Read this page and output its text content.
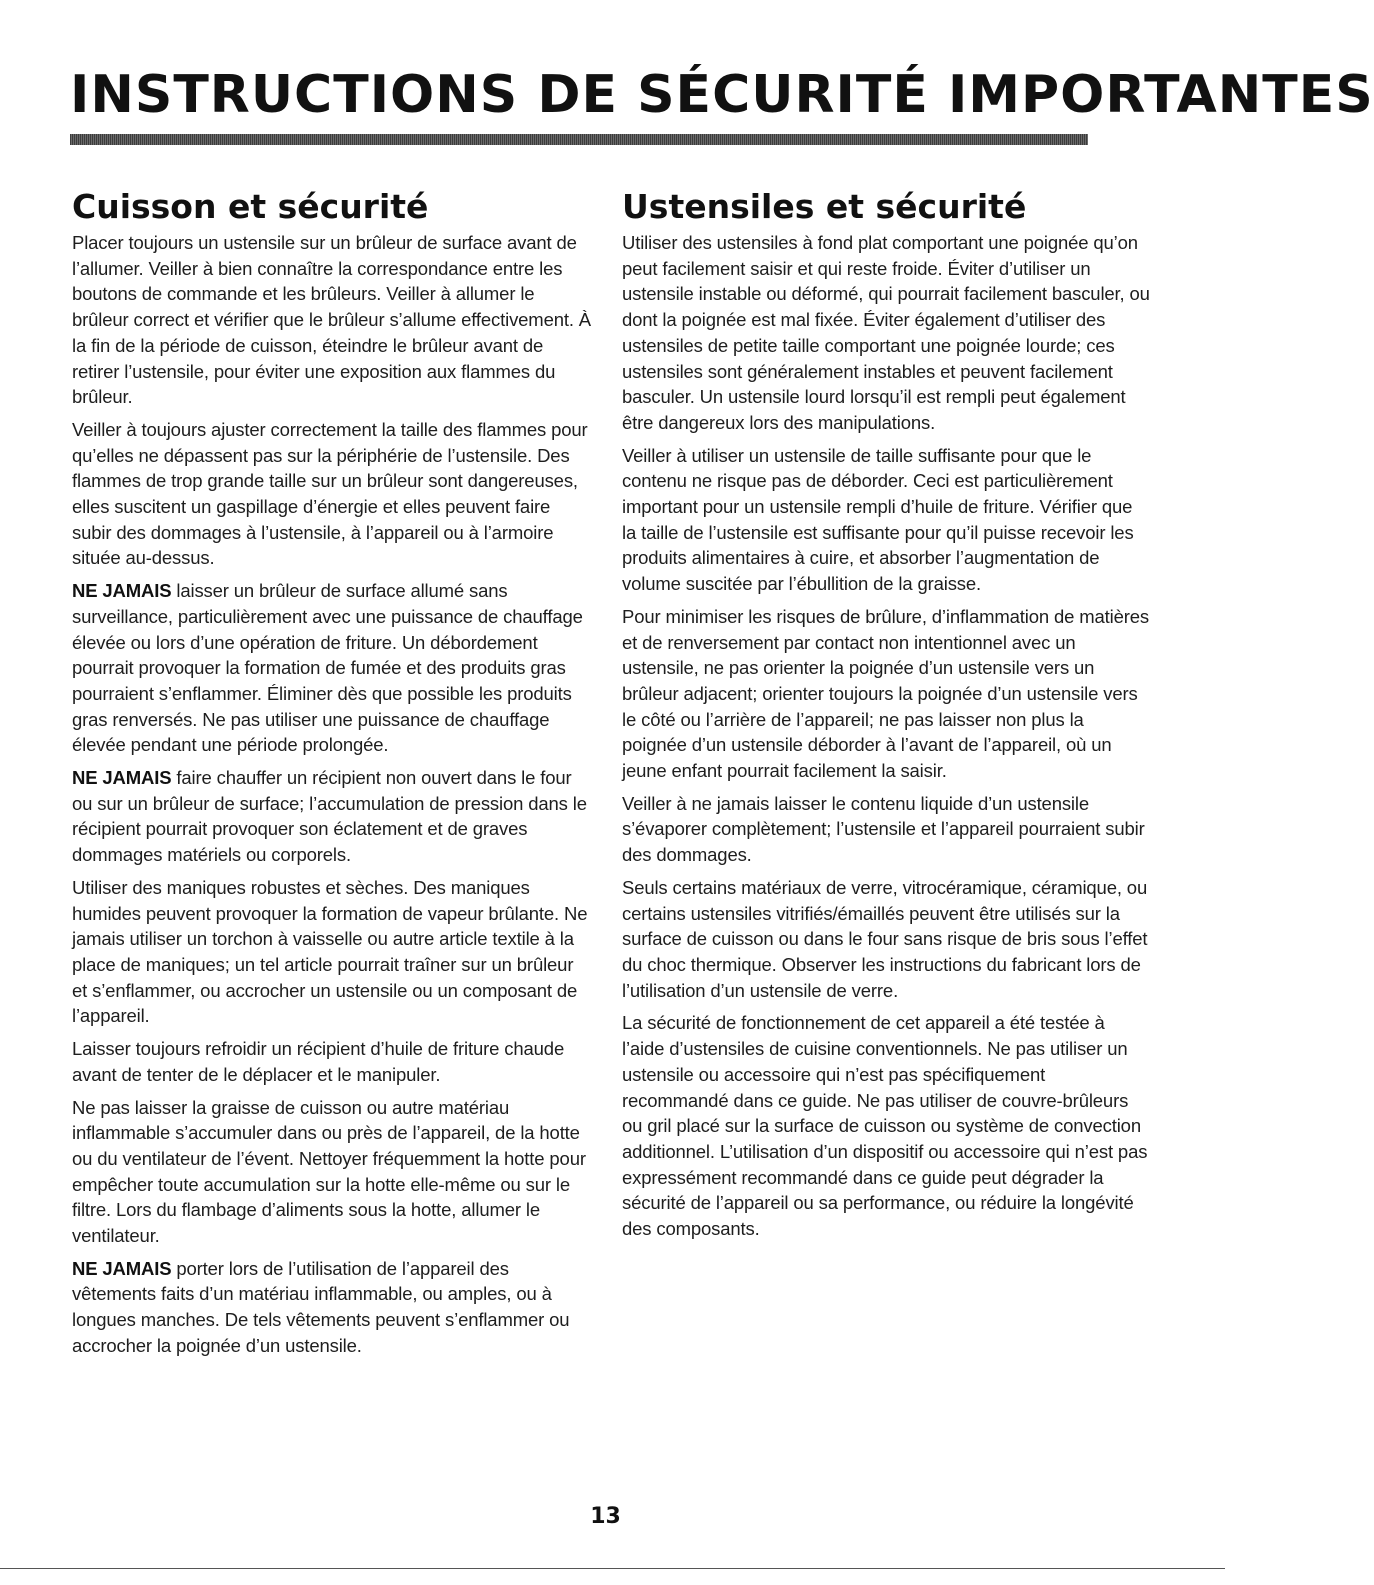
INSTRUCTIONS DE SÉCURITÉ IMPORTANTES
Cuisson et sécurité

Placer toujours un ustensile sur un brûleur de surface avant de l’allumer. Veiller à bien connaître la correspondance entre les boutons de commande et les brûleurs. Veiller à allumer le brûleur correct et vérifier que le brûleur s’allume effectivement. À la fin de la période de cuisson, éteindre le brûleur avant de retirer l’ustensile, pour éviter une exposition aux flammes du brûleur.

Veiller à toujours ajuster correctement la taille des flammes pour qu’elles ne dépassent pas sur la périphérie de l’ustensile. Des flammes de trop grande taille sur un brûleur sont dangereuses, elles suscitent un gaspillage d’énergie et elles peuvent faire subir des dommages à l’ustensile, à l’appareil ou à l’armoire située au-dessus.

NE JAMAIS laisser un brûleur de surface allumé sans surveillance, particulièrement avec une puissance de chauffage élevée ou lors d’une opération de friture. Un débordement pourrait provoquer la formation de fumée et des produits gras pourraient s’enflammer. Éliminer dès que possible les produits gras renversés. Ne pas utiliser une puissance de chauffage élevée pendant une période prolongée.

NE JAMAIS faire chauffer un récipient non ouvert dans le four ou sur un brûleur de surface; l’accumulation de pression dans le récipient pourrait provoquer son éclatement et de graves dommages matériels ou corporels.

Utiliser des maniques robustes et sèches. Des maniques humides peuvent provoquer la formation de vapeur brûlante. Ne jamais utiliser un torchon à vaisselle ou autre article textile à la place de maniques; un tel article pourrait traîner sur un brûleur et s’enflammer, ou accrocher un ustensile ou un composant de l’appareil.

Laisser toujours refroidir un récipient d’huile de friture chaude avant de tenter de le déplacer et le manipuler.

Ne pas laisser la graisse de cuisson ou autre matériau inflammable s’accumuler dans ou près de l’appareil, de la hotte ou du ventilateur de l’évent. Nettoyer fréquemment la hotte pour empêcher toute accumulation sur la hotte elle-même ou sur le filtre. Lors du flambage d’aliments sous la hotte, allumer le ventilateur.

NE JAMAIS porter lors de l’utilisation de l’appareil des vêtements faits d’un matériau inflammable, ou amples, ou à longues manches. De tels vêtements peuvent s’enflammer ou accrocher la poignée d’un ustensile.

Ustensiles et sécurité

Utiliser des ustensiles à fond plat comportant une poignée qu’on peut facilement saisir et qui reste froide. Éviter d’utiliser un ustensile instable ou déformé, qui pourrait facilement basculer, ou dont la poignée est mal fixée. Éviter également d’utiliser des ustensiles de petite taille comportant une poignée lourde; ces ustensiles sont généralement instables et peuvent facilement basculer. Un ustensile lourd lorsqu’il est rempli peut également être dangereux lors des manipulations.

Veiller à utiliser un ustensile de taille suffisante pour que le contenu ne risque pas de déborder. Ceci est particulièrement important pour un ustensile rempli d’huile de friture. Vérifier que la taille de l’ustensile est suffisante pour qu’il puisse recevoir les produits alimentaires à cuire, et absorber l’augmentation de volume suscitée par l’ébullition de la graisse.

Pour minimiser les risques de brûlure, d’inflammation de matières et de renversement par contact non intentionnel avec un ustensile, ne pas orienter la poignée d’un ustensile vers un brûleur adjacent; orienter toujours la poignée d’un ustensile vers le côté ou l’arrière de l’appareil; ne pas laisser non plus la poignée d’un ustensile déborder à l’avant de l’appareil, où un jeune enfant pourrait facilement la saisir.

Veiller à ne jamais laisser le contenu liquide d’un ustensile s’évaporer complètement; l’ustensile et l’appareil pourraient subir des dommages.

Seuls certains matériaux de verre, vitrocéramique, céramique, ou certains ustensiles vitrifiés/émaillés peuvent être utilisés sur la surface de cuisson ou dans le four sans risque de bris sous l’effet du choc thermique. Observer les instructions du fabricant lors de l’utilisation d’un ustensile de verre.

La sécurité de fonctionnement de cet appareil a été testée à l’aide d’ustensiles de cuisine conventionnels. Ne pas utiliser un ustensile ou accessoire qui n’est pas spécifiquement recommandé dans ce guide. Ne pas utiliser de couvre-brûleurs ou gril placé sur la surface de cuisson ou système de convection additionnel. L’utilisation d’un dispositif ou accessoire qui n’est pas expressément recommandé dans ce guide peut dégrader la sécurité de l’appareil ou sa performance, ou réduire la longévité des composants.

13
